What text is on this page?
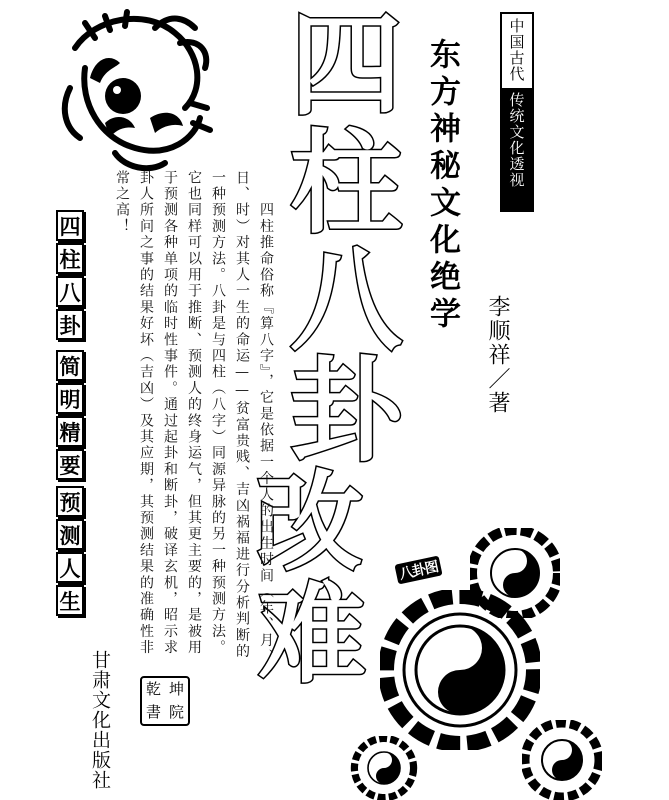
中国古代
传统文化透视
东方神秘文化绝学
四
柱
八
卦
改
难
李顺祥／著
四
柱
八
卦
简
明
精
要
预
测
人
生	　　四柱推命俗称『算八字』，它是依据一个人的出生时间（年、月、日、时）对其人一生的命运——贫富贵贱、吉凶祸福进行分析判断的一种预测方法。八卦是与四柱（八字）同源异脉的另一种预测方法。它也同样可以用于推断、预测人的终身运气，但其更主要的，是被用于预测各种单项的临时性事件。通过起卦和断卦，破译玄机，昭示求卦人所问之事的结果好坏（吉凶）及其应期，其预测结果的准确性非常之高！
甘肃文化出版社 乾 坤
書 院
八卦图
